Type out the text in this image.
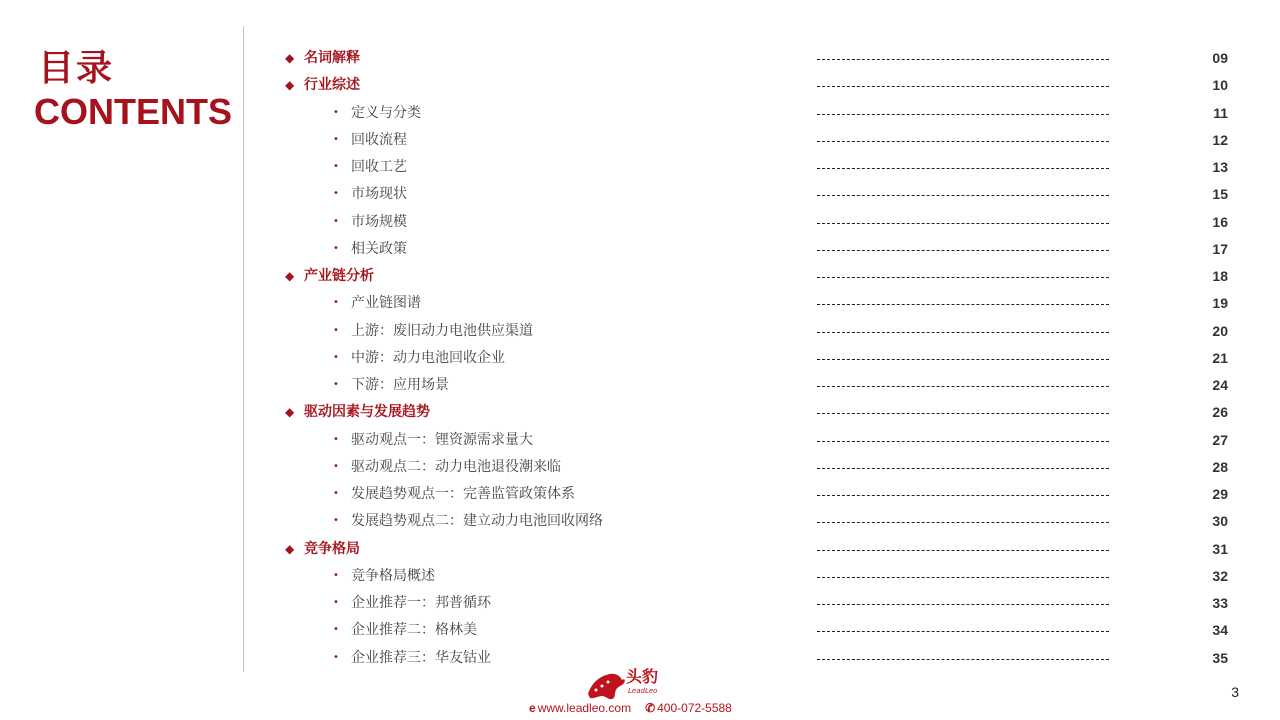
目录
CONTENTS
◆ 名词解释	09
◆ 行业综述	10
• 定义与分类	11
• 回收流程	12
• 回收工艺	13
• 市场现状	15
• 市场规模	16
• 相关政策	17
◆ 产业链分析	18
• 产业链图谱	19
• 上游：废旧动力电池供应渠道	20
• 中游：动力电池回收企业	21
• 下游：应用场景	24
◆ 驱动因素与发展趋势	26
• 驱动观点一：锂资源需求量大	27
• 驱动观点二：动力电池退役潮来临	28
• 发展趋势观点一：完善监管政策体系	29
• 发展趋势观点二：建立动力电池回收网络	30
◆ 竞争格局	31
• 竞争格局概述	32
• 企业推荐一：邦普循环	33
• 企业推荐二：格林美	34
• 企业推荐三：华友钴业	35
头豹
LeadLeo
e www.leadleo.com ✆ 400-072-5588
3
